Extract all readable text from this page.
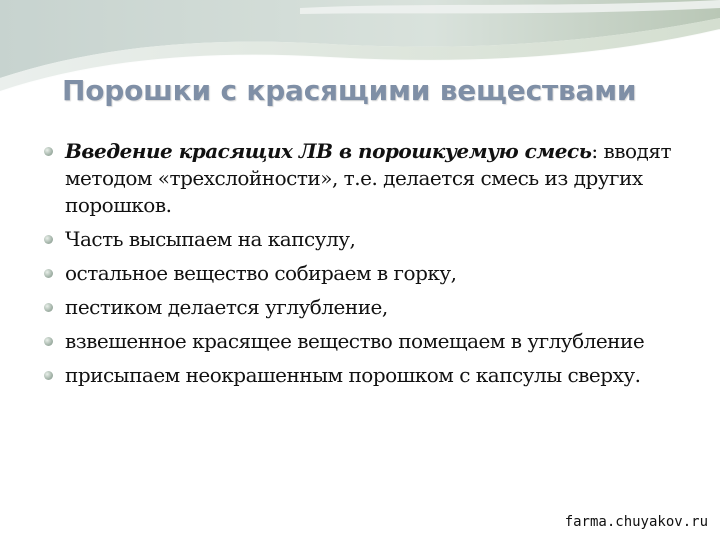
Порошки с красящими веществами
Введение красящих ЛВ в порошкуемую смесь: вводят методом «трехслойности», т.е. делается смесь из других порошков.
Часть высыпаем на капсулу,
остальное вещество собираем в горку,
пестиком делается углубление,
взвешенное красящее вещество помещаем в углубление
присыпаем неокрашенным порошком с капсулы сверху.
farma.chuyakov.ru
